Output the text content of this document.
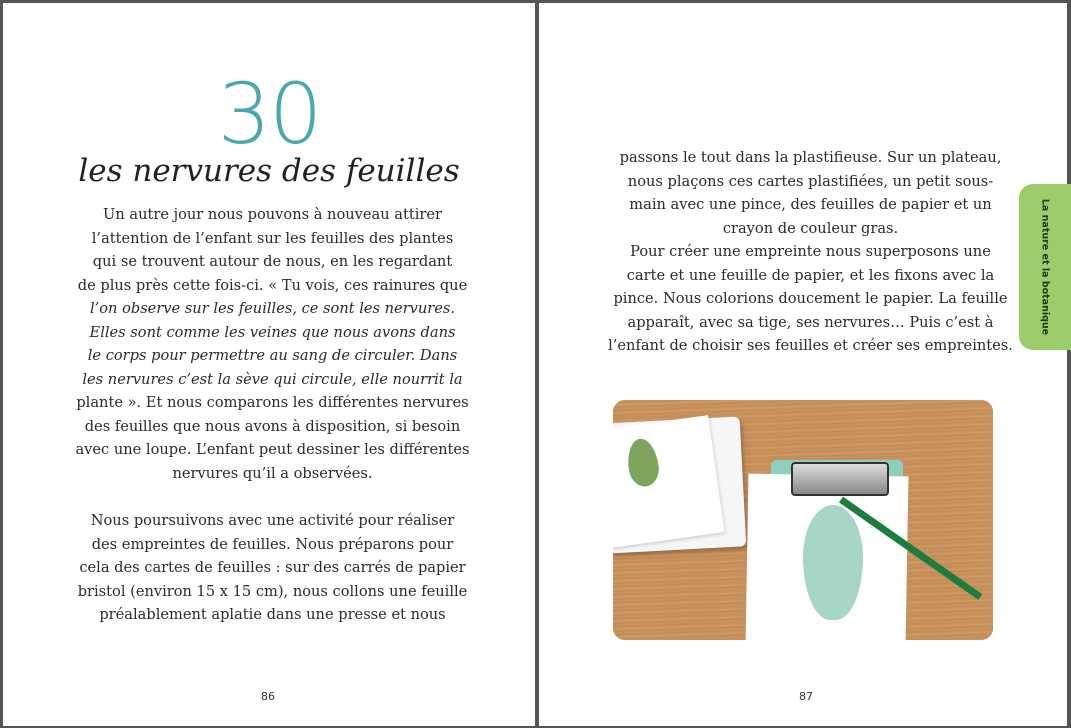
30
les nervures des feuilles

Un autre jour nous pouvons à nouveau attirer

l’attention de l’enfant sur les feuilles des plantes

qui se trouvent autour de nous, en les regardant

de plus près cette fois-ci. « Tu vois, ces rainures que

l’on observe sur les feuilles, ce sont les nervures.

Elles sont comme les veines que nous avons dans

le corps pour permettre au sang de circuler. Dans

les nervures c’est la sève qui circule, elle nourrit la

plante ». Et nous comparons les différentes nervures

des feuilles que nous avons à disposition, si besoin

avec une loupe. L’enfant peut dessiner les différentes

nervures qu’il a observées.

Nous poursuivons avec une activité pour réaliser

des empreintes de feuilles. Nous préparons pour

cela des cartes de feuilles : sur des carrés de papier

bristol (environ 15 x 15 cm), nous collons une feuille

préalablement aplatie dans une presse et nous

86

passons le tout dans la plastifieuse. Sur un plateau,

nous plaçons ces cartes plastifiées, un petit sous-

main avec une pince, des feuilles de papier et un

crayon de couleur gras.

Pour créer une empreinte nous superposons une

carte et une feuille de papier, et les fixons avec la

pince. Nous colorions doucement le papier. La feuille

apparaît, avec sa tige, ses nervures… Puis c’est à

l’enfant de choisir ses feuilles et créer ses empreintes.

87
La nature et la botanique
